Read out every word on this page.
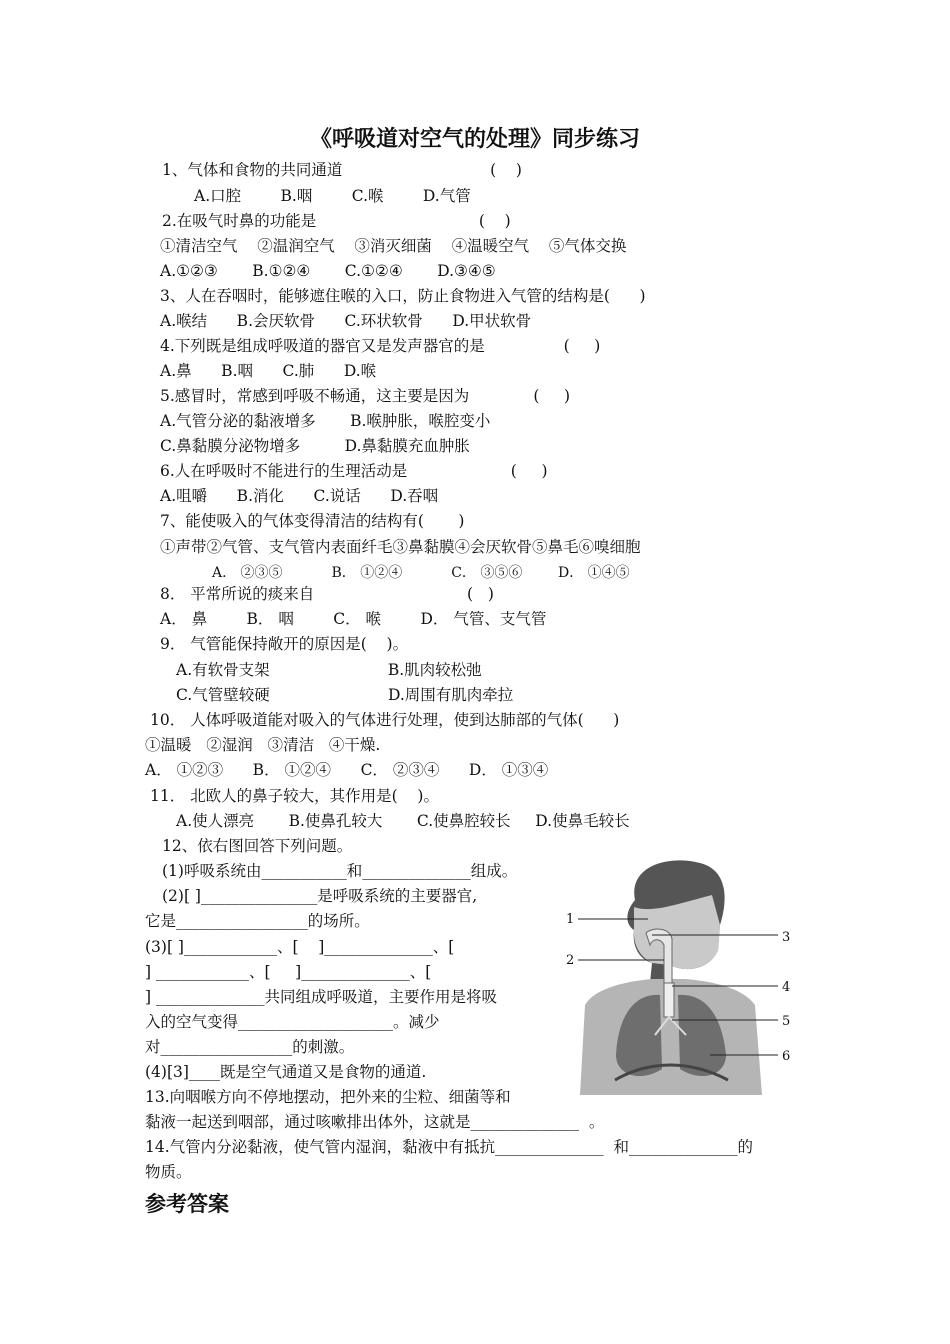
《呼吸道对空气的处理》同步练习
1、气体和食物的共同通道                              (    )
A.口腔        B.咽        C.喉        D.气管
2.在吸气时鼻的功能是                                 (    )
①清洁空气    ②温润空气    ③消灭细菌    ④温暖空气    ⑤气体交换
A.①②③       B.①②④       C.①②④       D.③④⑤
3、人在吞咽时，能够遮住喉的入口，防止食物进入气管的结构是(      )
A.喉结      B.会厌软骨      C.环状软骨      D.甲状软骨
4.下列既是组成呼吸道的器官又是发声器官的是                (     )
A.鼻      B.咽      C.肺      D.喉
5.感冒时，常感到呼吸不畅通，这主要是因为             (     )
A.气管分泌的黏液增多       B.喉肿胀，喉腔变小
C.鼻黏膜分泌物增多         D.鼻黏膜充血肿胀
6.人在呼吸时不能进行的生理活动是                     (     )
A.咀嚼      B.消化      C.说话      D.吞咽
7、能使吸入的气体变得清洁的结构有(       )
①声带②气管、支气管内表面纤毛③鼻黏膜④会厌软骨⑤鼻毛⑥嗅细胞
A． ②③⑤           B． ①②④           C． ③⑤⑥        D． ①④⑤
8． 平常所说的痰来自                               (   )
A． 鼻        B． 咽        C． 喉        D． 气管、支气管
9． 气管能保持敞开的原因是(    )。
A.有软骨支架                        B.肌肉较松弛
C.气管壁较硬                        D.周围有肌肉牵拉
10． 人体呼吸道能对吸入的气体进行处理，使到达肺部的气体(      )
①温暖   ②湿润   ③清洁   ④干燥.
A． ①②③      B． ①②④      C． ②③④      D． ①③④
11． 北欧人的鼻子较大，其作用是(    )。
A.使人漂亮       B.使鼻孔较大       C.使鼻腔较长     D.使鼻毛较长
12、依右图回答下列问题。
(1)呼吸系统由___________和______________组成。
(2)[ ]_______________是呼吸系统的主要器官,
它是_________________的场所。
(3)[ ]____________、[    ]______________、[
] ____________、[     ]______________、[
] ______________共同组成呼吸道，主要作用是将吸
入的空气变得____________________。减少
对_________________的刺激。
(4)[3]____既是空气通道又是食物的通道.
13.向咽喉方向不停地摆动，把外来的尘粒、细菌等和
黏液一起送到咽部，通过咳嗽排出体外，这就是______________  。
14.气管内分泌黏液，使气管内湿润，黏液中有抵抗______________  和______________的
物质。
1
2
3
4
5
6
参考答案
